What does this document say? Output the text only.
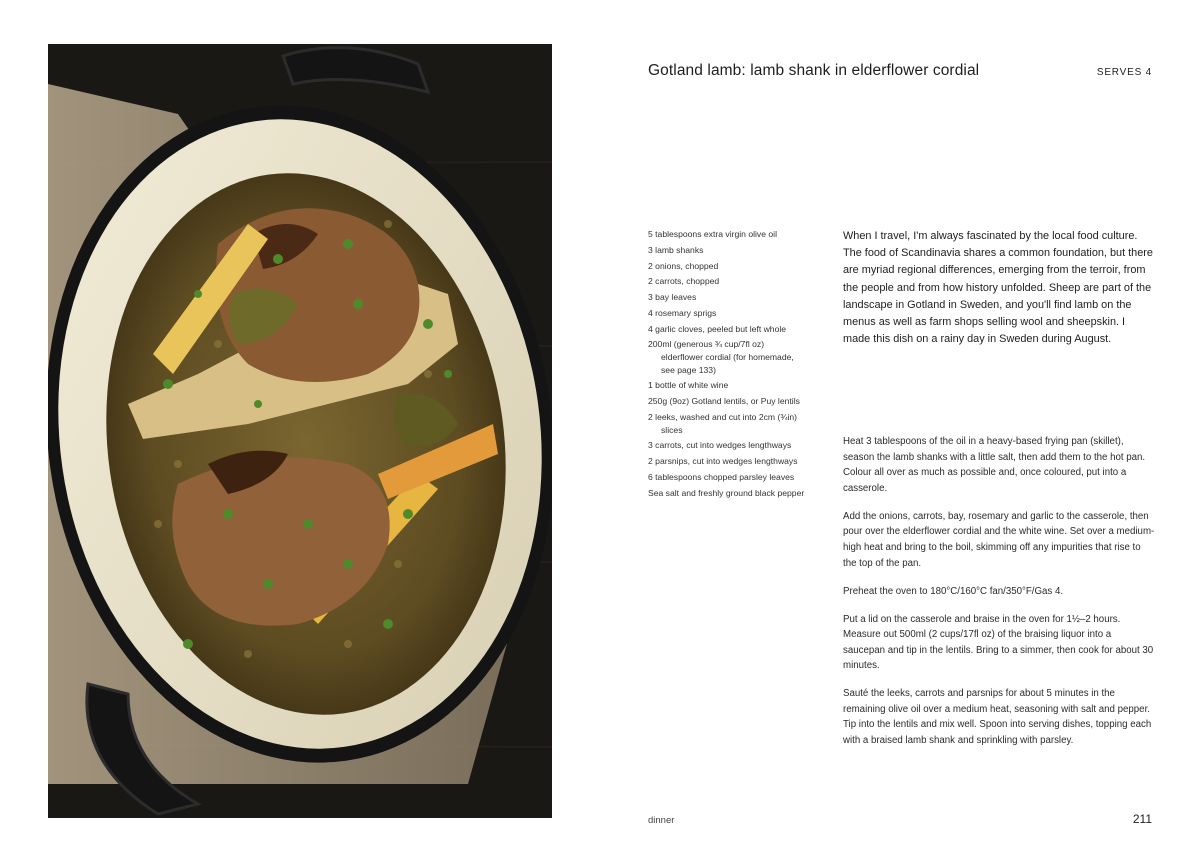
Gotland lamb: lamb shank in elderflower cordial	SERVES 4
5 tablespoons extra virgin olive oil
3 lamb shanks
2 onions, chopped
2 carrots, chopped
3 bay leaves
4 rosemary sprigs
4 garlic cloves, peeled but left whole
200ml (generous ¾ cup/7fl oz) elderflower cordial (for homemade, see page 133)
1 bottle of white wine
250g (9oz) Gotland lentils, or Puy lentils
2 leeks, washed and cut into 2cm (¾in) slices
3 carrots, cut into wedges lengthways
2 parsnips, cut into wedges lengthways
6 tablespoons chopped parsley leaves
Sea salt and freshly ground black pepper

When I travel, I'm always fascinated by the local food culture. The food of Scandinavia shares a common foundation, but there are myriad regional differences, emerging from the terroir, from the people and from how history unfolded. Sheep are part of the landscape in Gotland in Sweden, and you'll find lamb on the menus as well as farm shops selling wool and sheepskin. I made this dish on a rainy day in Sweden during August.

Heat 3 tablespoons of the oil in a heavy-based frying pan (skillet), season the lamb shanks with a little salt, then add them to the hot pan. Colour all over as much as possible and, once coloured, put into a casserole.

Add the onions, carrots, bay, rosemary and garlic to the casserole, then pour over the elderflower cordial and the white wine. Set over a medium-high heat and bring to the boil, skimming off any impurities that rise to the top of the pan.

Preheat the oven to 180°C/160°C fan/350°F/Gas 4.

Put a lid on the casserole and braise in the oven for 1½–2 hours. Measure out 500ml (2 cups/17fl oz) of the braising liquor into a saucepan and tip in the lentils. Bring to a simmer, then cook for about 30 minutes.

Sauté the leeks, carrots and parsnips for about 5 minutes in the remaining olive oil over a medium heat, seasoning with salt and pepper. Tip into the lentils and mix well. Spoon into serving dishes, topping each with a braised lamb shank and sprinkling with parsley.

dinner	211
